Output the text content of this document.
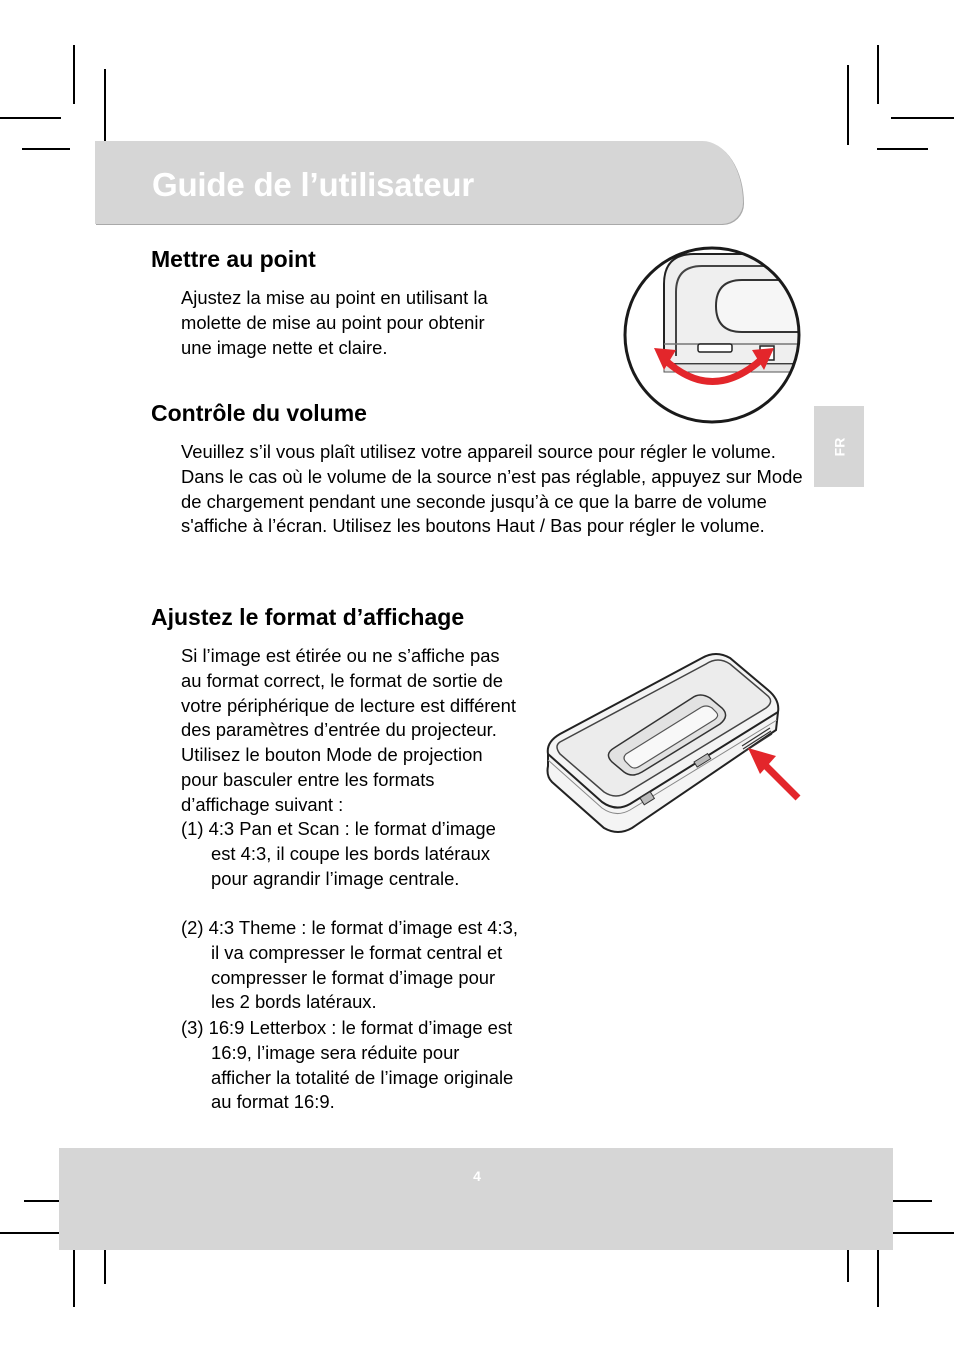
Guide de l’utilisateur
Mettre au point

Ajustez la mise au point en utilisant la molette de mise au point pour obtenir une image nette et claire.

Contrôle du volume

Veuillez s’il vous plaît utilisez votre appareil source pour régler le volume. Dans le cas où le volume de la source n’est pas réglable, appuyez sur Mode de chargement pendant une seconde jusqu’à ce que la barre de volume s'affiche à l’écran. Utilisez les boutons Haut / Bas pour régler le volume.

FR
Ajustez le format d’affichage

Si l’image est étirée ou ne s’affiche pas au format correct, le format de sortie de votre périphérique de lecture est différent des paramètres d’entrée du projecteur. Utilisez le bouton Mode de projection pour basculer entre les formats d’affichage suivant :

(1) 4:3 Pan et Scan : le format d’image est 4:3, il coupe les bords latéraux pour agrandir l’image centrale.

(2) 4:3 Theme : le format d’image est 4:3, il va compresser le format central et compresser le format d’image pour les 2 bords latéraux.

(3) 16:9 Letterbox : le format d’image est 16:9, l’image sera réduite pour afficher la totalité de l’image originale au format 16:9.

4
